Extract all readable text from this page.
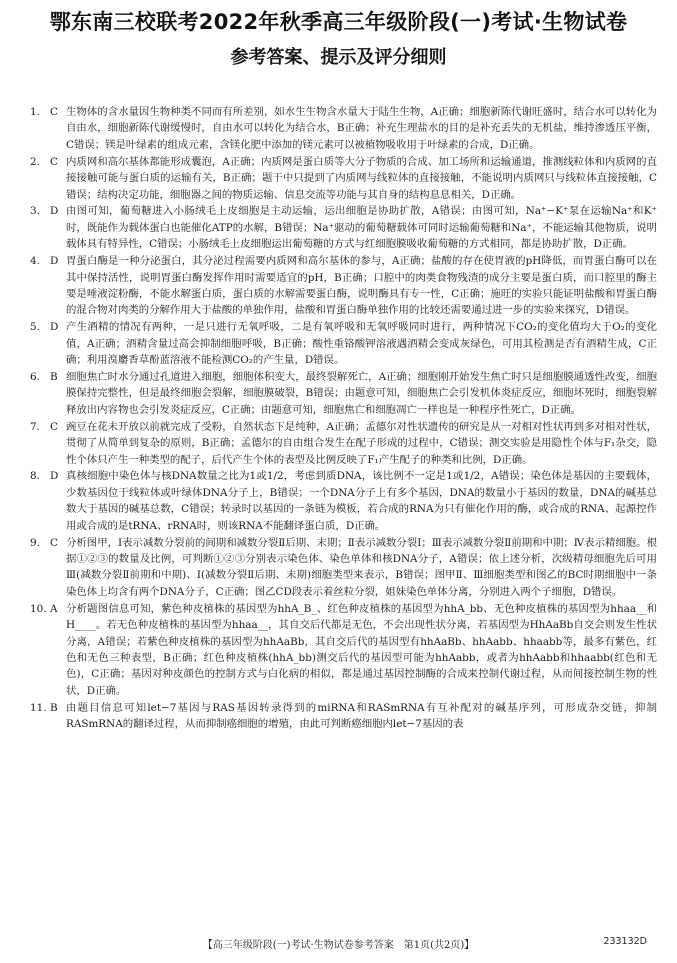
鄂东南三校联考2022年秋季高三年级阶段(一)考试·生物试卷
参考答案、提示及评分细则
1. C 生物体的含水量因生物种类不同而有所差别，如水生生物含水量大于陆生生物，A正确；细胞新陈代谢旺盛时，结合水可以转化为自由水，细胞新陈代谢缓慢时，自由水可以转化为结合水，B正确；补充生理盐水的目的是补充丢失的无机盐，维持渗透压平衡，C错误；镁是叶绿素的组成元素，含镁化肥中添加的镁元素可以被植物吸收用于叶绿素的合成，D正确。
2. C 内质网和高尔基体都能形成囊泡，A正确；内质网是蛋白质等大分子物质的合成、加工场所和运输通道，推测线粒体和内质网的直接接触可能与蛋白质的运输有关，B正确；题干中只提到了内质网与线粒体的直接接触，不能说明内质网只与线粒体直接接触，C错误；结构决定功能，细胞器之间的物质运输、信息交流等功能与其自身的结构息息相关，D正确。
3. D 由图可知，葡萄糖进入小肠绒毛上皮细胞是主动运输，运出细胞是协助扩散，A错误；由图可知，Na⁺−K⁺泵在运输Na⁺和K⁺时，既能作为载体蛋白也能催化ATP的水解，B错误；Na⁺驱动的葡萄糖载体可同时运输葡萄糖和Na⁺，不能运输其他物质，说明载体具有特异性，C错误；小肠绒毛上皮细胞运出葡萄糖的方式与红细胞膜吸收葡萄糖的方式相同，都是协助扩散，D正确。
4. D 胃蛋白酶是一种分泌蛋白，其分泌过程需要内质网和高尔基体的参与，A正确；盐酸的存在使胃液的pH降低，而胃蛋白酶可以在其中保持活性，说明胃蛋白酶发挥作用时需要适宜的pH，B正确；口腔中的肉类食物残渣的成分主要是蛋白质，而口腔里的酶主要是唾液淀粉酶，不能水解蛋白质，蛋白质的水解需要蛋白酶，说明酶具有专一性，C正确；施旺的实验只能证明盐酸和胃蛋白酶的混合物对肉类的分解作用大于盐酸的单独作用，盐酸和胃蛋白酶单独作用的比较还需要通过进一步的实验来探究，D错误。
5. D 产生酒精的情况有两种，一是只进行无氧呼吸，二是有氧呼吸和无氧呼吸同时进行，两种情况下CO₂的变化值均大于O₂的变化值，A正确；酒精含量过高会抑制细胞呼吸，B正确；酸性重铬酸钾溶液遇酒精会变成灰绿色，可用其检测是否有酒精生成，C正确；利用溴麝香草酚蓝溶液不能检测CO₂的产生量，D错误。
6. B 细胞焦亡时水分通过孔道进入细胞，细胞体积变大，最终裂解死亡，A正确；细胞刚开始发生焦亡时只是细胞膜通透性改变，细胞膜保持完整性，但是最终细胞会裂解，细胞膜破裂，B错误；由题意可知，细胞焦亡会引发机体炎症反应，细胞坏死时，细胞裂解释放出内容物也会引发炎症反应，C正确；由题意可知，细胞焦亡和细胞凋亡一样也是一种程序性死亡，D正确。
7. C 豌豆在花未开放以前就完成了受粉，自然状态下是纯种，A正确；孟德尔对性状遗传的研究是从一对相对性状再到多对相对性状，贯彻了从简单到复杂的原则，B正确；孟德尔的自由组合发生在配子形成的过程中，C错误；测交实验是用隐性个体与F₁杂交，隐性个体只产生一种类型的配子，后代产生个体的表型及比例反映了F₁产生配子的种类和比例，D正确。
8. D 真核细胞中染色体与核DNA数量之比为1或1/2，考虑到质DNA，该比例不一定是1或1/2，A错误；染色体是基因的主要载体，少数基因位于线粒体或叶绿体DNA分子上，B错误；一个DNA分子上有多个基因，DNA的数量小于基因的数量，DNA的碱基总数大于基因的碱基总数，C错误；转录时以基因的一条链为模板，若合成的RNA为只有催化作用的酶，或合成的RNA、起源控作用或合成的是tRNA、rRNA时，则该RNA不能翻译蛋白质，D正确。
9. C 分析图甲，Ⅰ表示减数分裂前的间期和减数分裂Ⅱ后期、末期；Ⅱ表示减数分裂Ⅰ；Ⅲ表示减数分裂Ⅱ前期和中期；Ⅳ表示精细胞。根据①②③的数量及比例，可判断①②③分别表示染色体、染色单体和核DNA分子，A错误；依上述分析，次级精母细胞先后可用Ⅲ(减数分裂Ⅱ前期和中期)、Ⅰ(减数分裂Ⅱ后期、末期)细胞类型来表示，B错误；图甲Ⅱ、Ⅲ细胞类型和图乙的BC时期细胞中一条染色体上均含有两个DNA分子，C正确；图乙CD段表示着丝粒分裂，姐妹染色单体分离，分别进入两个子细胞，D错误。
10. A 分析题图信息可知，紫色种皮植株的基因型为hhA_B_、红色种皮植株的基因型为hhA_bb、无色种皮植株的基因型为hhaa__和H____。若无色种皮植株的基因型为hhaa__，其自交后代都是无色，不会出现性状分离，若基因型为HhAaBb自交会则发生性状分离，A错误；若紫色种皮植株的基因型为hhAaBb，其自交后代的基因型有hhAaBb、hhAabb、hhaabb等，最多有紫色，红色和无色三种表型，B正确；红色种皮植株(hhA_bb)测交后代的基因型可能为hhAabb，或者为hhAabb和hhaabb(红色和无色)，C正确；基因对种皮颜色的控制方式与白化病的相似，都是通过基因控制酶的合成来控制代谢过程，从而间接控制生物的性状，D正确。
11. B 由题目信息可知let−7基因与RAS基因转录得到的miRNA和RASmRNA有互补配对的碱基序列，可形成杂交链，抑制RASmRNA的翻译过程，从而抑制癌细胞的增殖，由此可判断癌细胞内let−7基因的表
【高三年级阶段(一)考试·生物试卷参考答案　第1页(共2页)】	233132D
